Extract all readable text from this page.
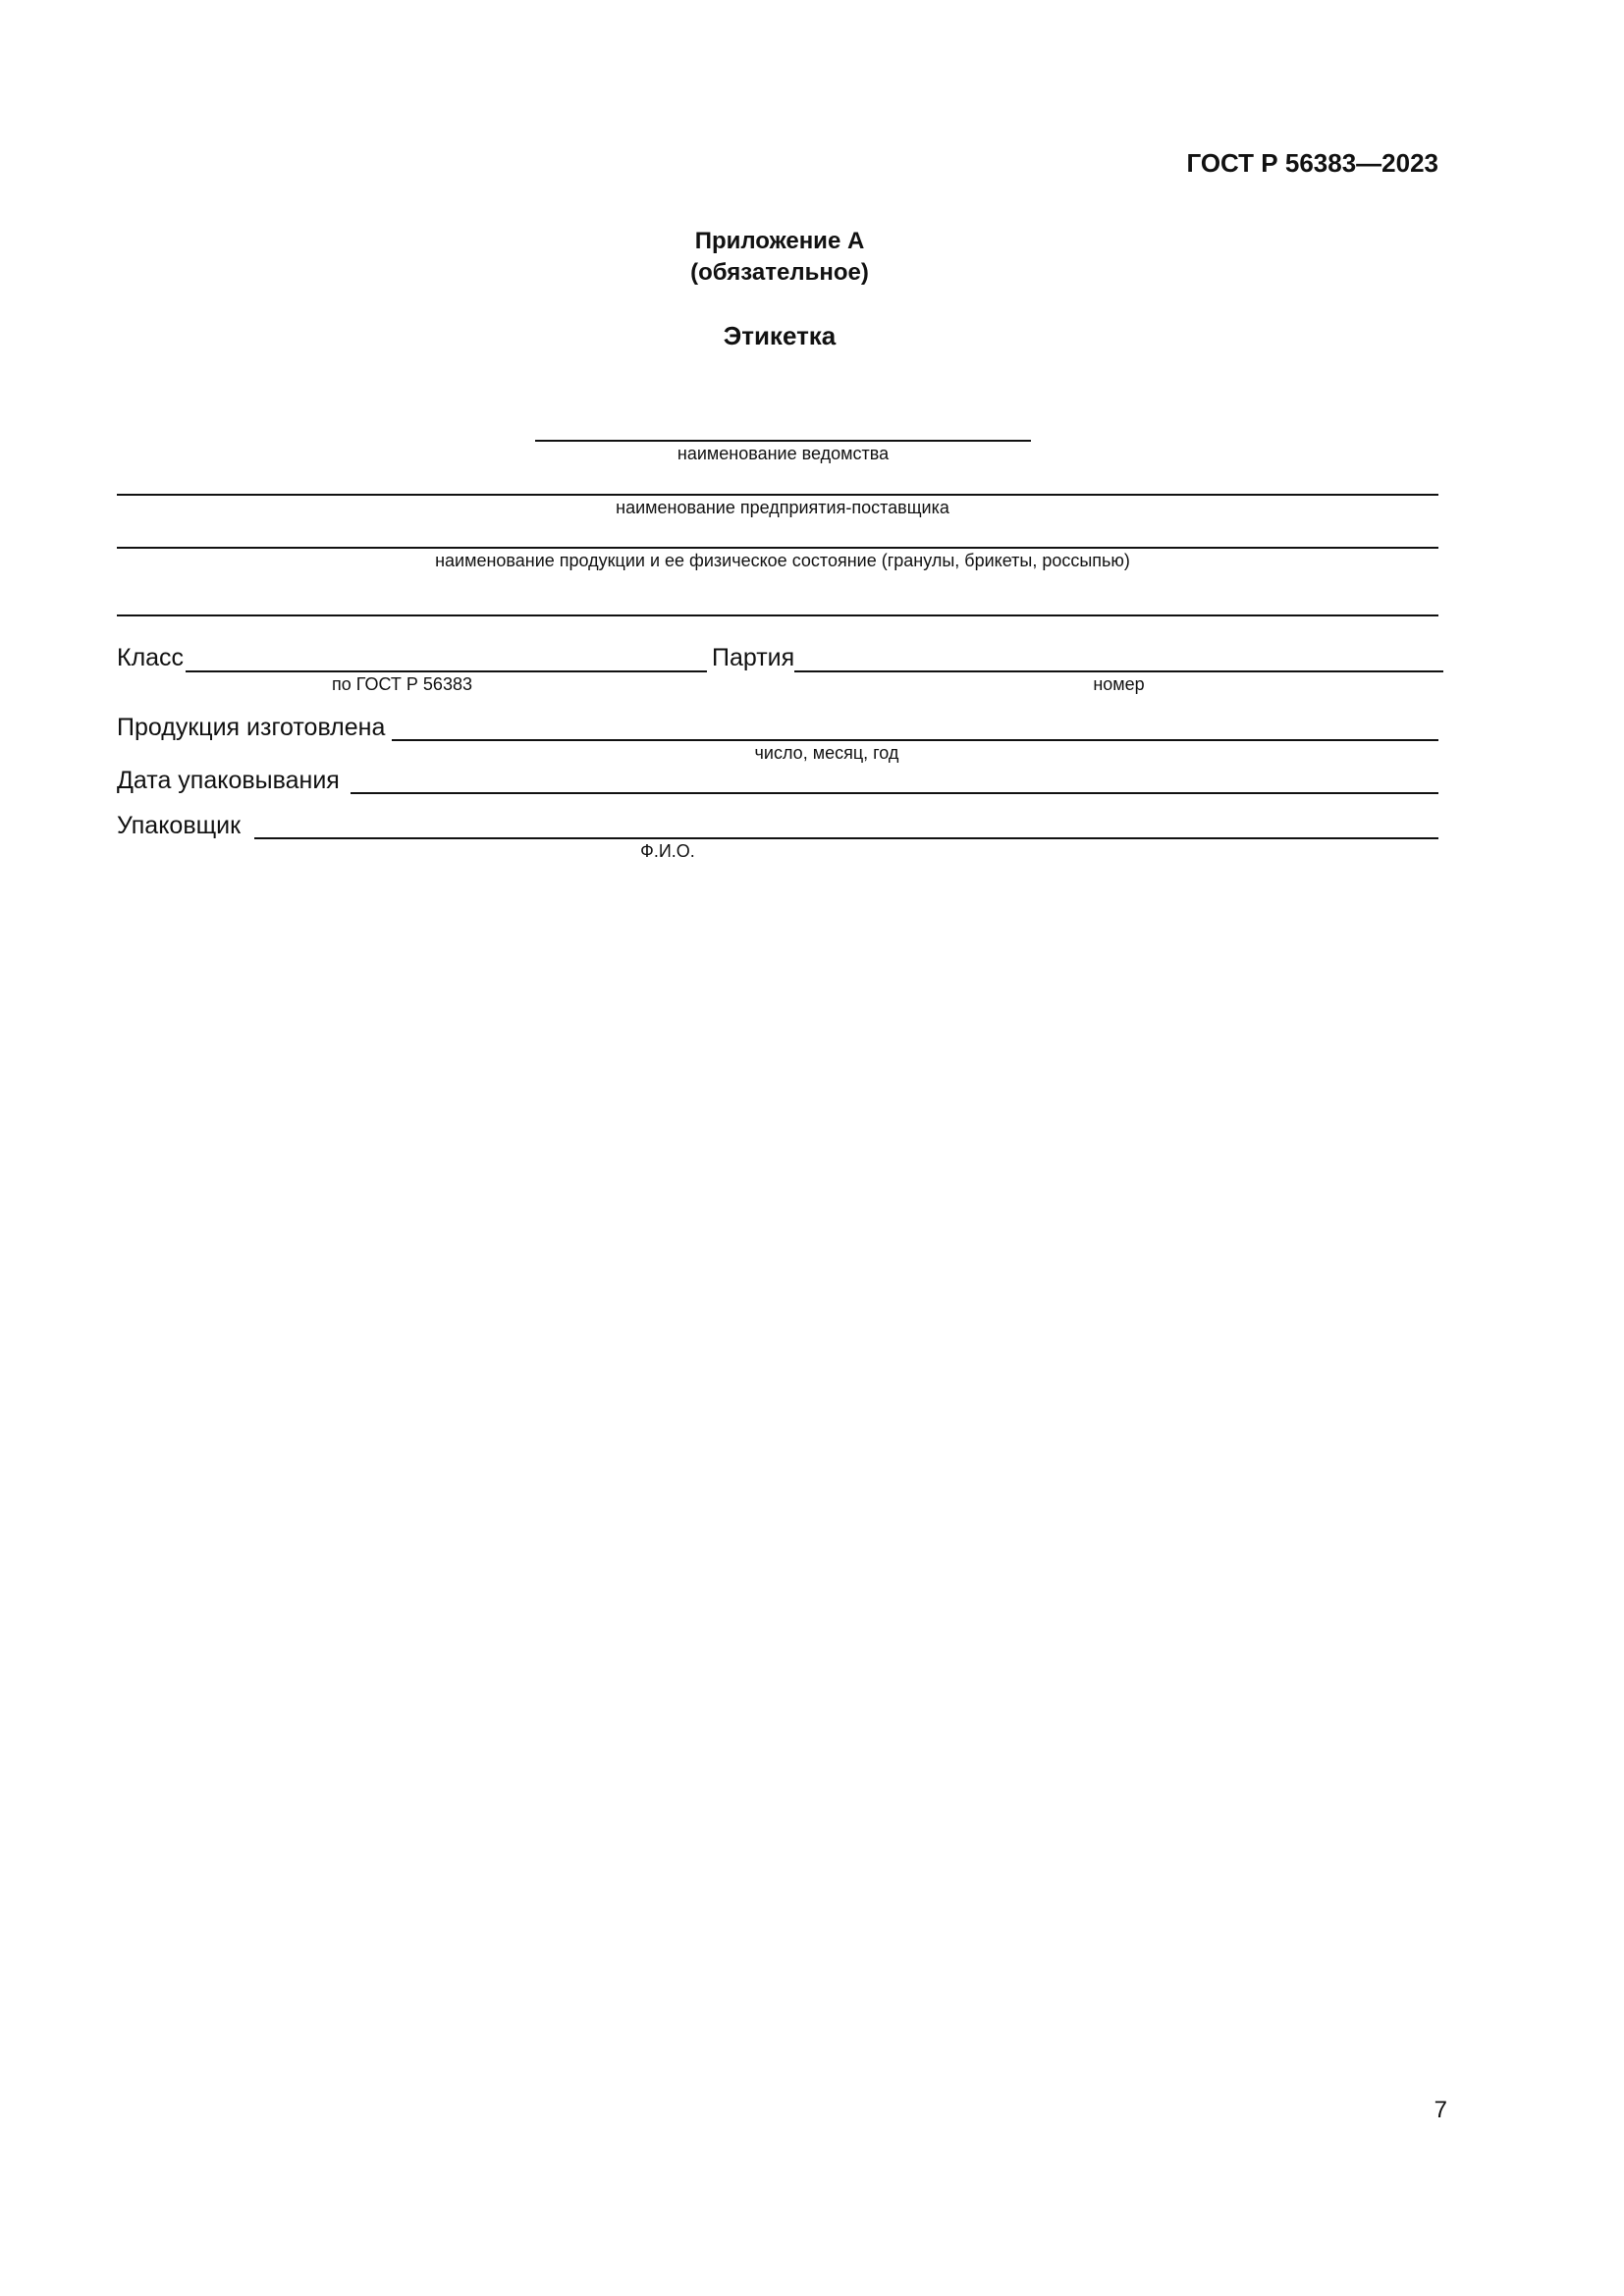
ГОСТ Р 56383—2023
Приложение А
(обязательное)
Этикетка
наименование ведомства
наименование предприятия-поставщика
наименование продукции и ее физическое состояние (гранулы, брикеты, россыпью)
Класс
по ГОСТ Р 56383
Партия
номер
Продукция изготовлена
число, месяц, год
Дата упаковывания
Упаковщик
Ф.И.О.
7
